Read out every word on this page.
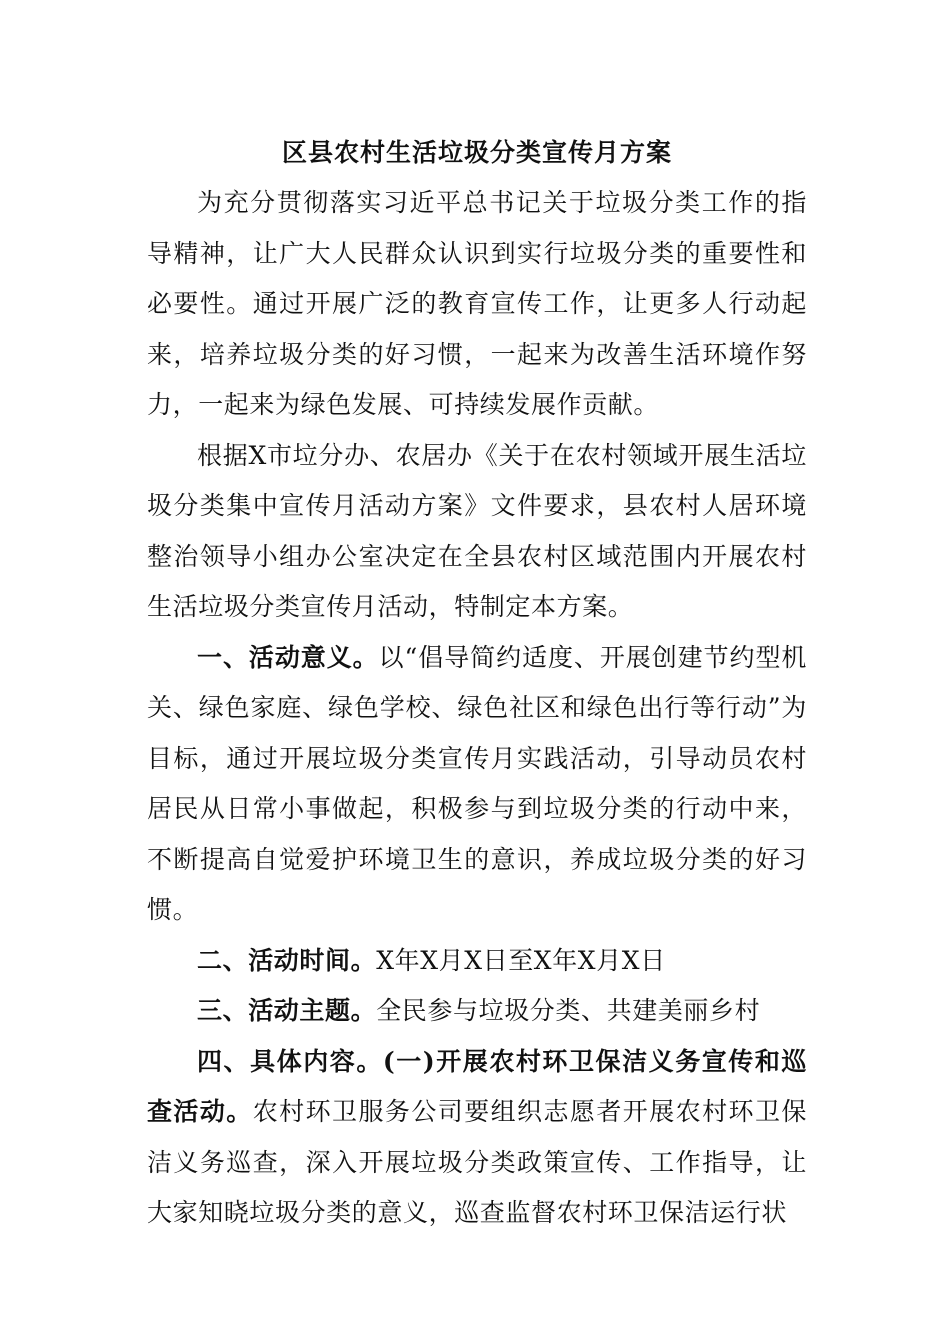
区县农村生活垃圾分类宣传月方案

为充分贯彻落实习近平总书记关于垃圾分类工作的指导精神，让广大人民群众认识到实行垃圾分类的重要性和必要性。通过开展广泛的教育宣传工作，让更多人行动起来，培养垃圾分类的好习惯，一起来为改善生活环境作努力，一起来为绿色发展、可持续发展作贡献。

根据X市垃分办、农居办《关于在农村领域开展生活垃圾分类集中宣传月活动方案》文件要求，县农村人居环境整治领导小组办公室决定在全县农村区域范围内开展农村生活垃圾分类宣传月活动，特制定本方案。

一、活动意义。以“倡导简约适度、开展创建节约型机关、绿色家庭、绿色学校、绿色社区和绿色出行等行动”为目标，通过开展垃圾分类宣传月实践活动，引导动员农村居民从日常小事做起，积极参与到垃圾分类的行动中来，不断提高自觉爱护环境卫生的意识，养成垃圾分类的好习惯。

二、活动时间。X年X月X日至X年X月X日

三、活动主题。全民参与垃圾分类、共建美丽乡村

四、具体内容。(一)开展农村环卫保洁义务宣传和巡查活动。农村环卫服务公司要组织志愿者开展农村环卫保洁义务巡查，深入开展垃圾分类政策宣传、工作指导，让大家知晓垃圾分类的意义，巡查监督农村环卫保洁运行状
